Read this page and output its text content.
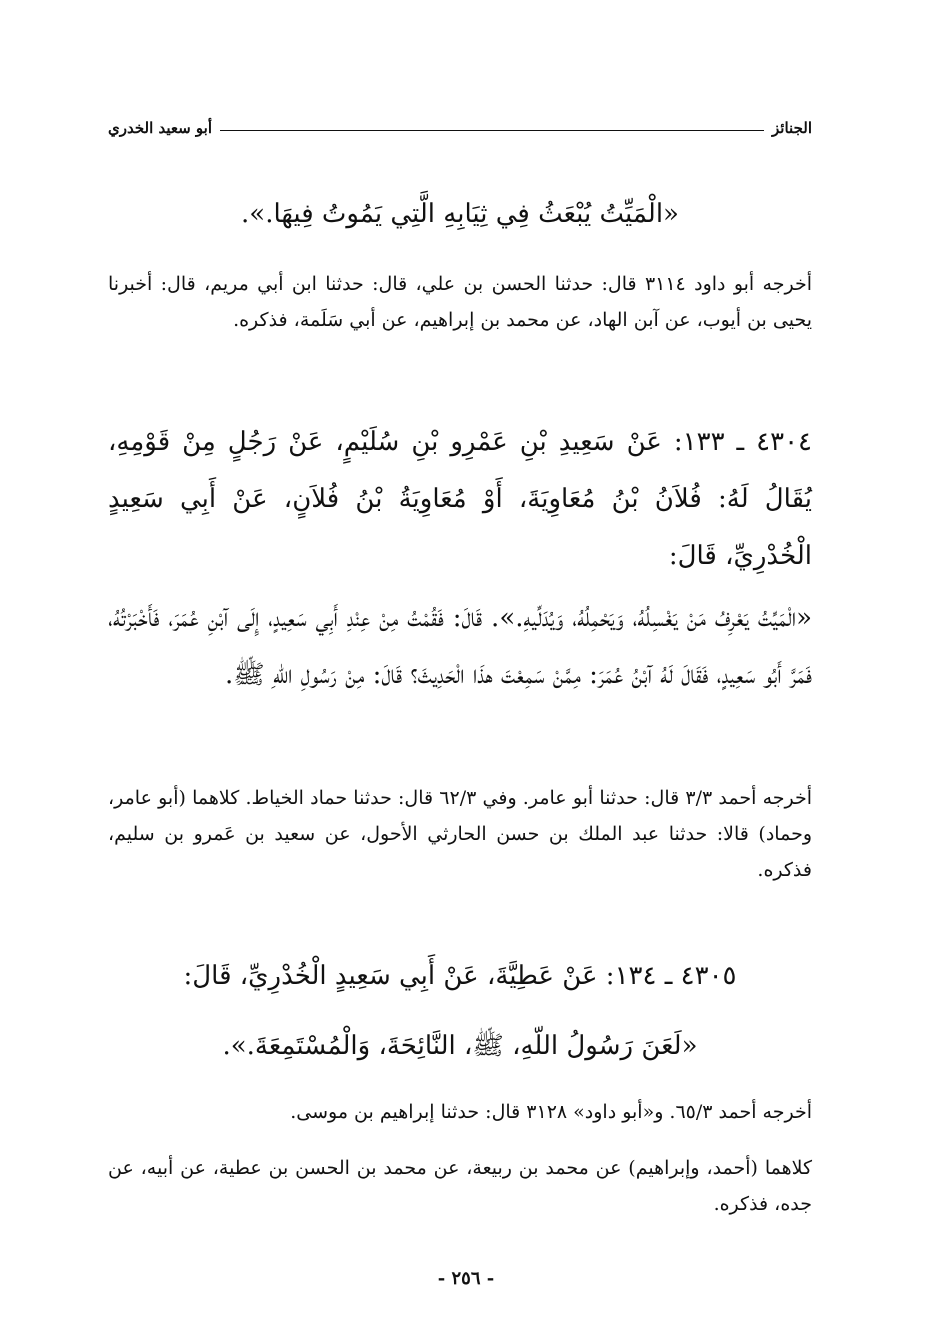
الجنائز
أبو سعيد الخدري
«الْمَيِّتُ يُبْعَثُ فِي ثِيَابِهِ الَّتِي يَمُوتُ فِيهَا.».
أخرجه أبو داود ٣١١٤ قال: حدثنا الحسن بن علي، قال: حدثنا ابن أبي مريم، قال: أخبرنا يحيى بن أيوب، عن آبن الهاد، عن محمد بن إبراهيم، عن أبي سَلَمة، فذكره.
٤٣٠٤ ـ ١٣٣: عَنْ سَعِيدِ بْنِ عَمْرِو بْنِ سُلَيْمٍ، عَنْ رَجُلٍ مِنْ قَوْمِهِ، يُقَالُ لَهُ: فُلاَنُ بْنُ مُعَاوِيَةَ، أَوْ مُعَاوِيَةُ بْنُ فُلاَنٍ، عَنْ أَبِي سَعِيدٍ الْخُدْرِيِّ، قَالَ:
«الْمَيِّتُ يَعْرِفُ مَنْ يَغْسِلُهُ، وَيَحْمِلُهُ، وَيُدَلِّيهِ.». قَالَ: فَقُمْتُ مِنْ عِنْدِ أَبِي سَعِيدٍ، إِلَى آبْنِ عُمَرَ، فَأَخْبَرْتُهُ، فَمَرَّ أَبُو سَعِيدٍ، فَقَالَ لَهُ آبْنُ عُمَرَ: مِمَّنْ سَمِعْتَ هذَا الْحَدِيثَ؟ قَالَ: مِنْ رَسُولِ اللّهِ ﷺ.
أخرجه أحمد ٣/٣ قال: حدثنا أبو عامر. وفي ٦٢/٣ قال: حدثنا حماد الخياط. كلاهما (أبو عامر، وحماد) قالا: حدثنا عبد الملك بن حسن الحارثي الأحول، عن سعيد بن عَمرو بن سليم، فذكره.
٤٣٠٥ ـ ١٣٤: عَنْ عَطِيَّةَ، عَنْ أَبِي سَعِيدٍ الْخُدْرِيِّ، قَالَ:
«لَعَنَ رَسُولُ اللّهِ، ﷺ، النَّائِحَةَ، وَالْمُسْتَمِعَةَ.».
أخرجه أحمد ٦٥/٣. و«أبو داود» ٣١٢٨ قال: حدثنا إبراهيم بن موسى.
كلاهما (أحمد، وإبراهيم) عن محمد بن ربيعة، عن محمد بن الحسن بن عطية، عن أبيه، عن جده، فذكره.
- ٢٥٦ -
